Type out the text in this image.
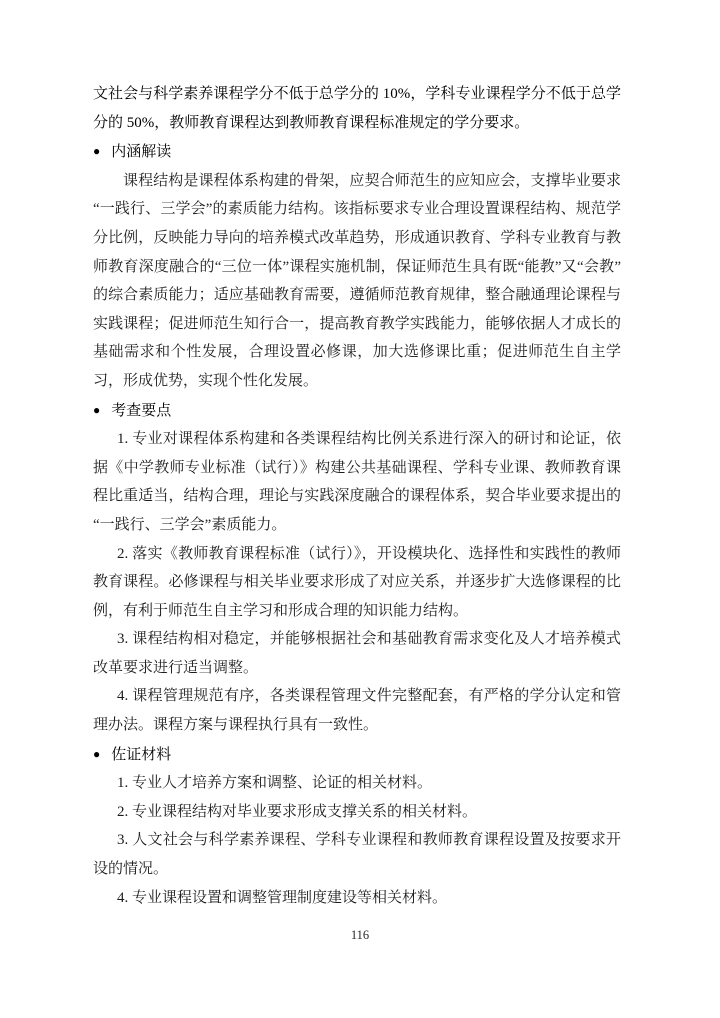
文社会与科学素养课程学分不低于总学分的 10%，学科专业课程学分不低于总学分的 50%，教师教育课程达到教师教育课程标准规定的学分要求。

● 内涵解读

课程结构是课程体系构建的骨架，应契合师范生的应知应会，支撑毕业要求“一践行、三学会”的素质能力结构。该指标要求专业合理设置课程结构、规范学分比例，反映能力导向的培养模式改革趋势，形成通识教育、学科专业教育与教师教育深度融合的“三位一体”课程实施机制，保证师范生具有既“能教”又“会教”的综合素质能力；适应基础教育需要，遵循师范教育规律，整合融通理论课程与实践课程；促进师范生知行合一，提高教育教学实践能力，能够依据人才成长的基础需求和个性发展，合理设置必修课，加大选修课比重；促进师范生自主学习，形成优势，实现个性化发展。

● 考查要点

1. 专业对课程体系构建和各类课程结构比例关系进行深入的研讨和论证，依据《中学教师专业标准（试行）》构建公共基础课程、学科专业课、教师教育课程比重适当，结构合理，理论与实践深度融合的课程体系，契合毕业要求提出的“一践行、三学会”素质能力。

2. 落实《教师教育课程标准（试行）》，开设模块化、选择性和实践性的教师教育课程。必修课程与相关毕业要求形成了对应关系，并逐步扩大选修课程的比例，有利于师范生自主学习和形成合理的知识能力结构。

3. 课程结构相对稳定，并能够根据社会和基础教育需求变化及人才培养模式改革要求进行适当调整。

4. 课程管理规范有序，各类课程管理文件完整配套，有严格的学分认定和管理办法。课程方案与课程执行具有一致性。

● 佐证材料

1. 专业人才培养方案和调整、论证的相关材料。

2. 专业课程结构对毕业要求形成支撑关系的相关材料。

3. 人文社会与科学素养课程、学科专业课程和教师教育课程设置及按要求开设的情况。

4. 专业课程设置和调整管理制度建设等相关材料。

116
